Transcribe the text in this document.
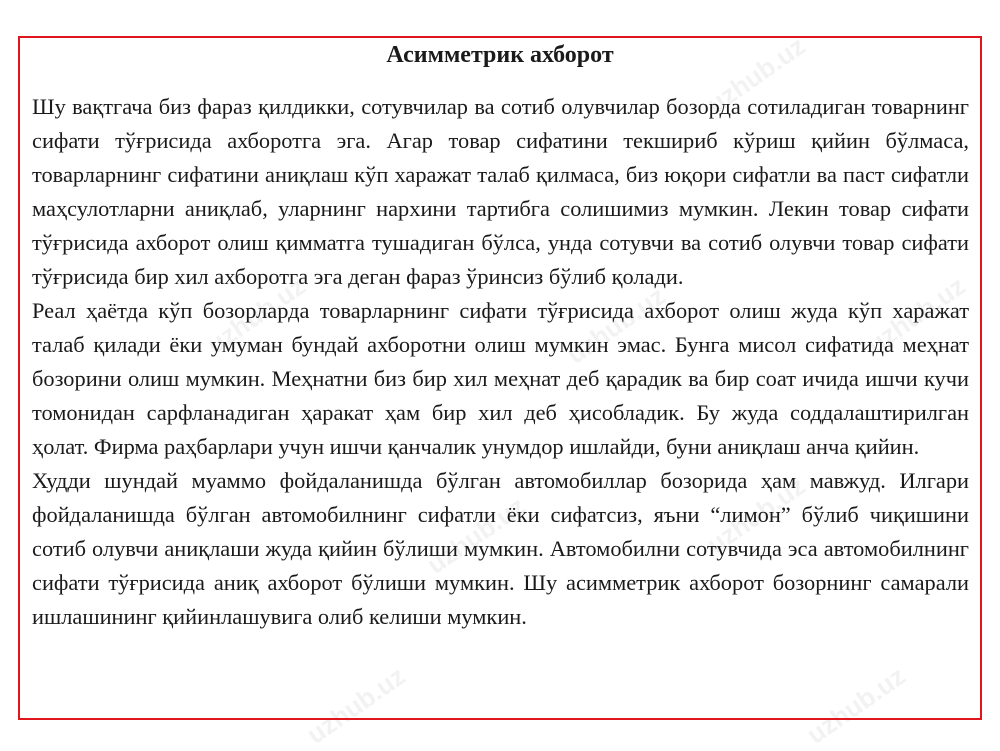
uzhub.uz
uzhub.uz	uzhub.uz	uzhub.uz
uzhub.uz	uzhub.uz
uzhub.uz	uzhub.uz
Асимметрик ахборот

Шу вақтгача биз фараз қилдикки, сотувчилар ва сотиб олувчилар бозорда сотиладиган товарнинг сифати тўғрисида ахборотга эга. Агар товар сифатини текшириб кўриш қийин бўлмаса, товарларнинг сифатини аниқлаш кўп харажат талаб қилмаса, биз юқори сифатли ва паст сифатли маҳсулотларни аниқлаб, уларнинг нархини тартибга солишимиз мумкин. Лекин товар сифати тўғрисида ахборот олиш қимматга тушадиган бўлса, унда сотувчи ва сотиб олувчи товар сифати тўғрисида бир хил ахборотга эга деган фараз ўринсиз бўлиб қолади.

Реал ҳаётда кўп бозорларда товарларнинг сифати тўғрисида ахборот олиш жуда кўп харажат талаб қилади ёки умуман бундай ахборотни олиш мумкин эмас. Бунга мисол сифатида меҳнат бозорини олиш мумкин. Меҳнатни биз бир хил меҳнат деб қарадик ва бир соат ичида ишчи кучи томонидан сарфланадиган ҳаракат ҳам бир хил деб ҳисобладик. Бу жуда соддалаштирилган ҳолат. Фирма раҳбарлари учун ишчи қанчалик унумдор ишлайди, буни аниқлаш анча қийин.

Худди шундай муаммо фойдаланишда бўлган автомобиллар бозорида ҳам мавжуд. Илгари фойдаланишда бўлган автомобилнинг сифатли ёки сифатсиз, яъни “лимон” бўлиб чиқишини сотиб олувчи аниқлаши жуда қийин бўлиши мумкин. Автомобилни сотувчида эса автомобилнинг сифати тўғрисида аниқ ахборот бўлиши мумкин. Шу асимметрик ахборот бозорнинг самарали ишлашининг қийинлашувига олиб келиши мумкин.
